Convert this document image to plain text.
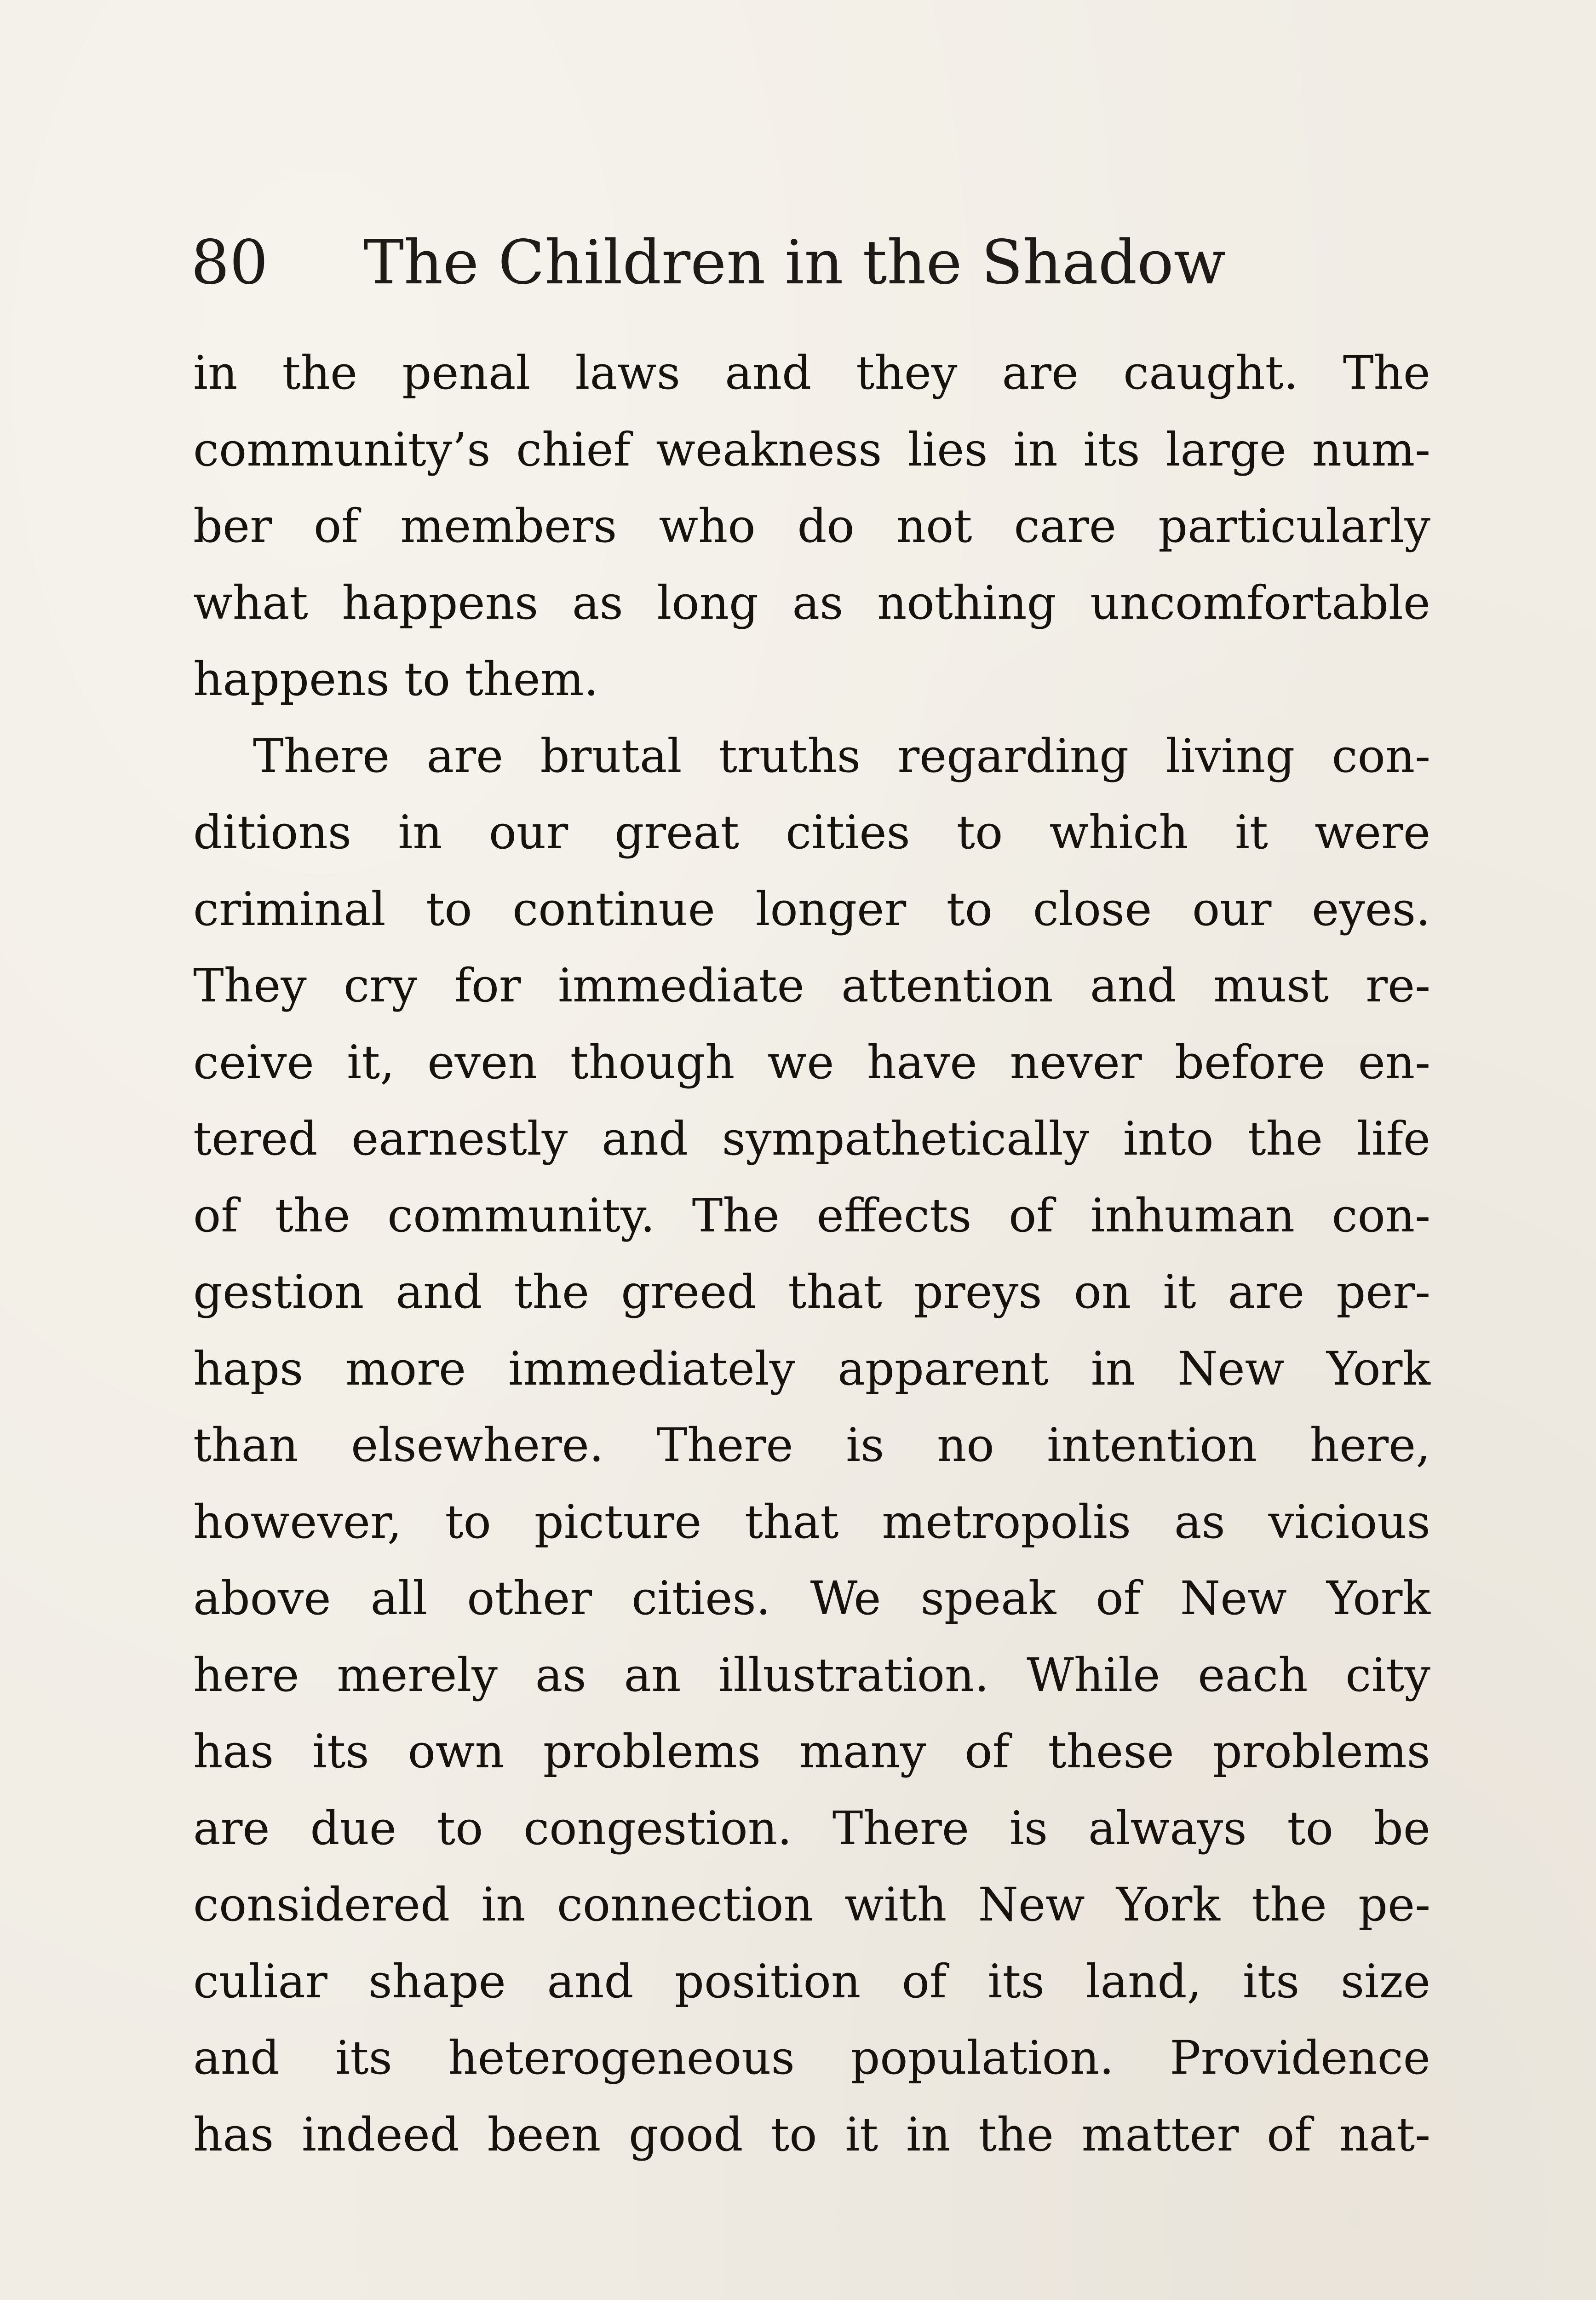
80 The Children in the Shadow
in the penal laws and they are caught. The
community’s chief weakness lies in its large num-
ber of members who do not care particularly
what happens as long as nothing uncomfortable
happens to them.
There are brutal truths regarding living con-
ditions in our great cities to which it were
criminal to continue longer to close our eyes.
They cry for immediate attention and must re-
ceive it, even though we have never before en-
tered earnestly and sympathetically into the life
of the community. The effects of inhuman con-
gestion and the greed that preys on it are per-
haps more immediately apparent in New York
than elsewhere. There is no intention here,
however, to picture that metropolis as vicious
above all other cities. We speak of New York
here merely as an illustration. While each city
has its own problems many of these problems
are due to congestion. There is always to be
considered in connection with New York the pe-
culiar shape and position of its land, its size
and its heterogeneous population. Providence
has indeed been good to it in the matter of nat-
